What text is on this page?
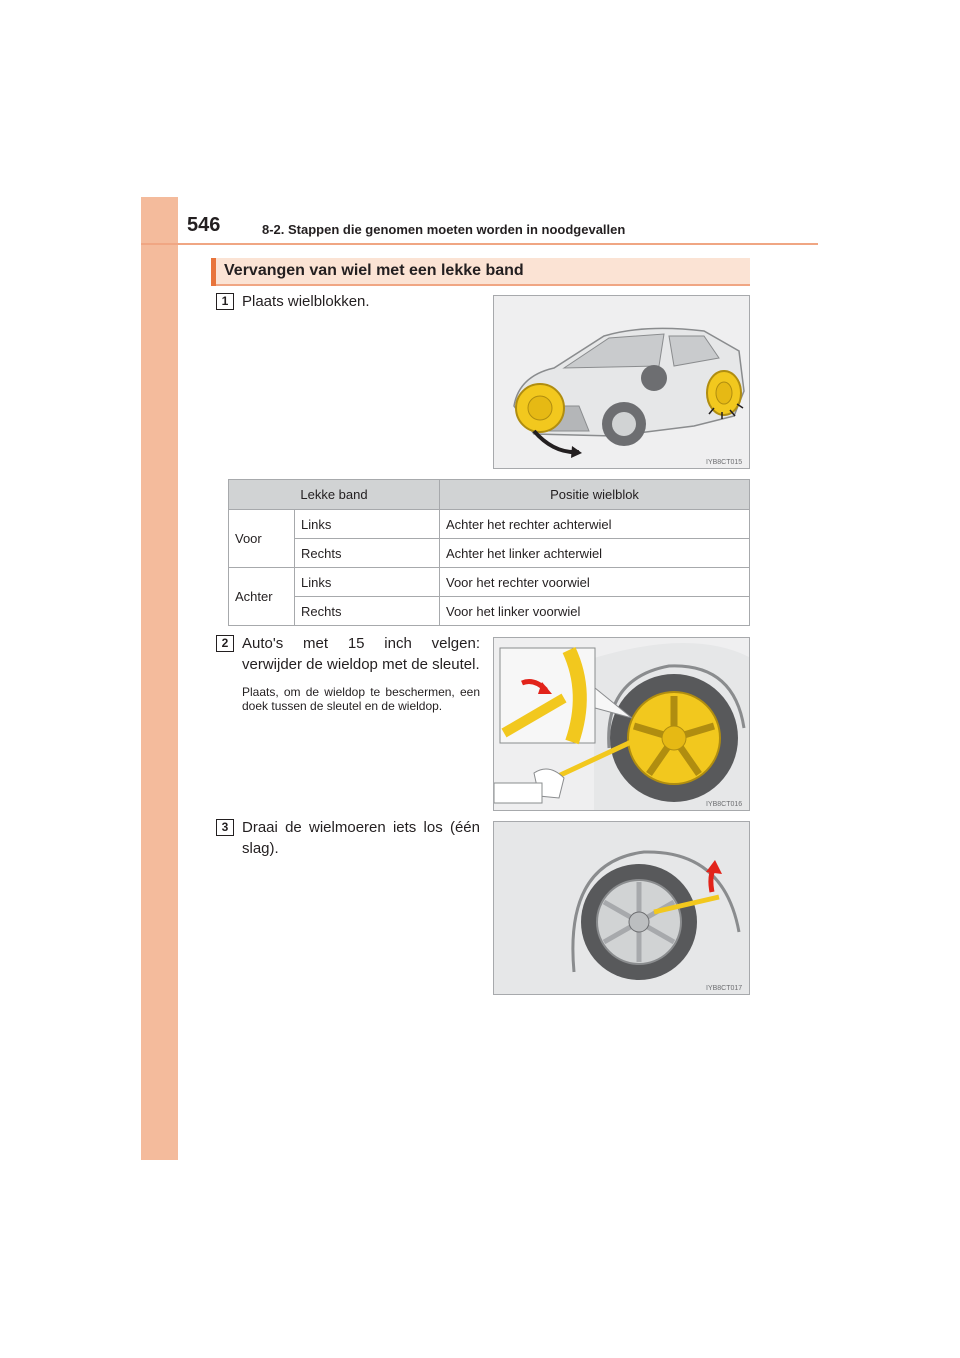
546	8-2. Stappen die genomen moeten worden in noodgevallen
Vervangen van wiel met een lekke band
1 Plaats wielblokken.
IYB8CT015
Lekke band		Positie wielblok
Voor	Links	Achter het rechter achterwiel
	Rechts	Achter het linker achterwiel
Achter	Links	Voor het rechter voorwiel
	Rechts	Voor het linker voorwiel
2 Auto's met 15 inch velgen: verwijder de wieldop met de sleutel.
Plaats, om de wieldop te beschermen, een doek tussen de sleutel en de wieldop.
IYB8CT016
3 Draai de wielmoeren iets los (één slag).
IYB8CT017
